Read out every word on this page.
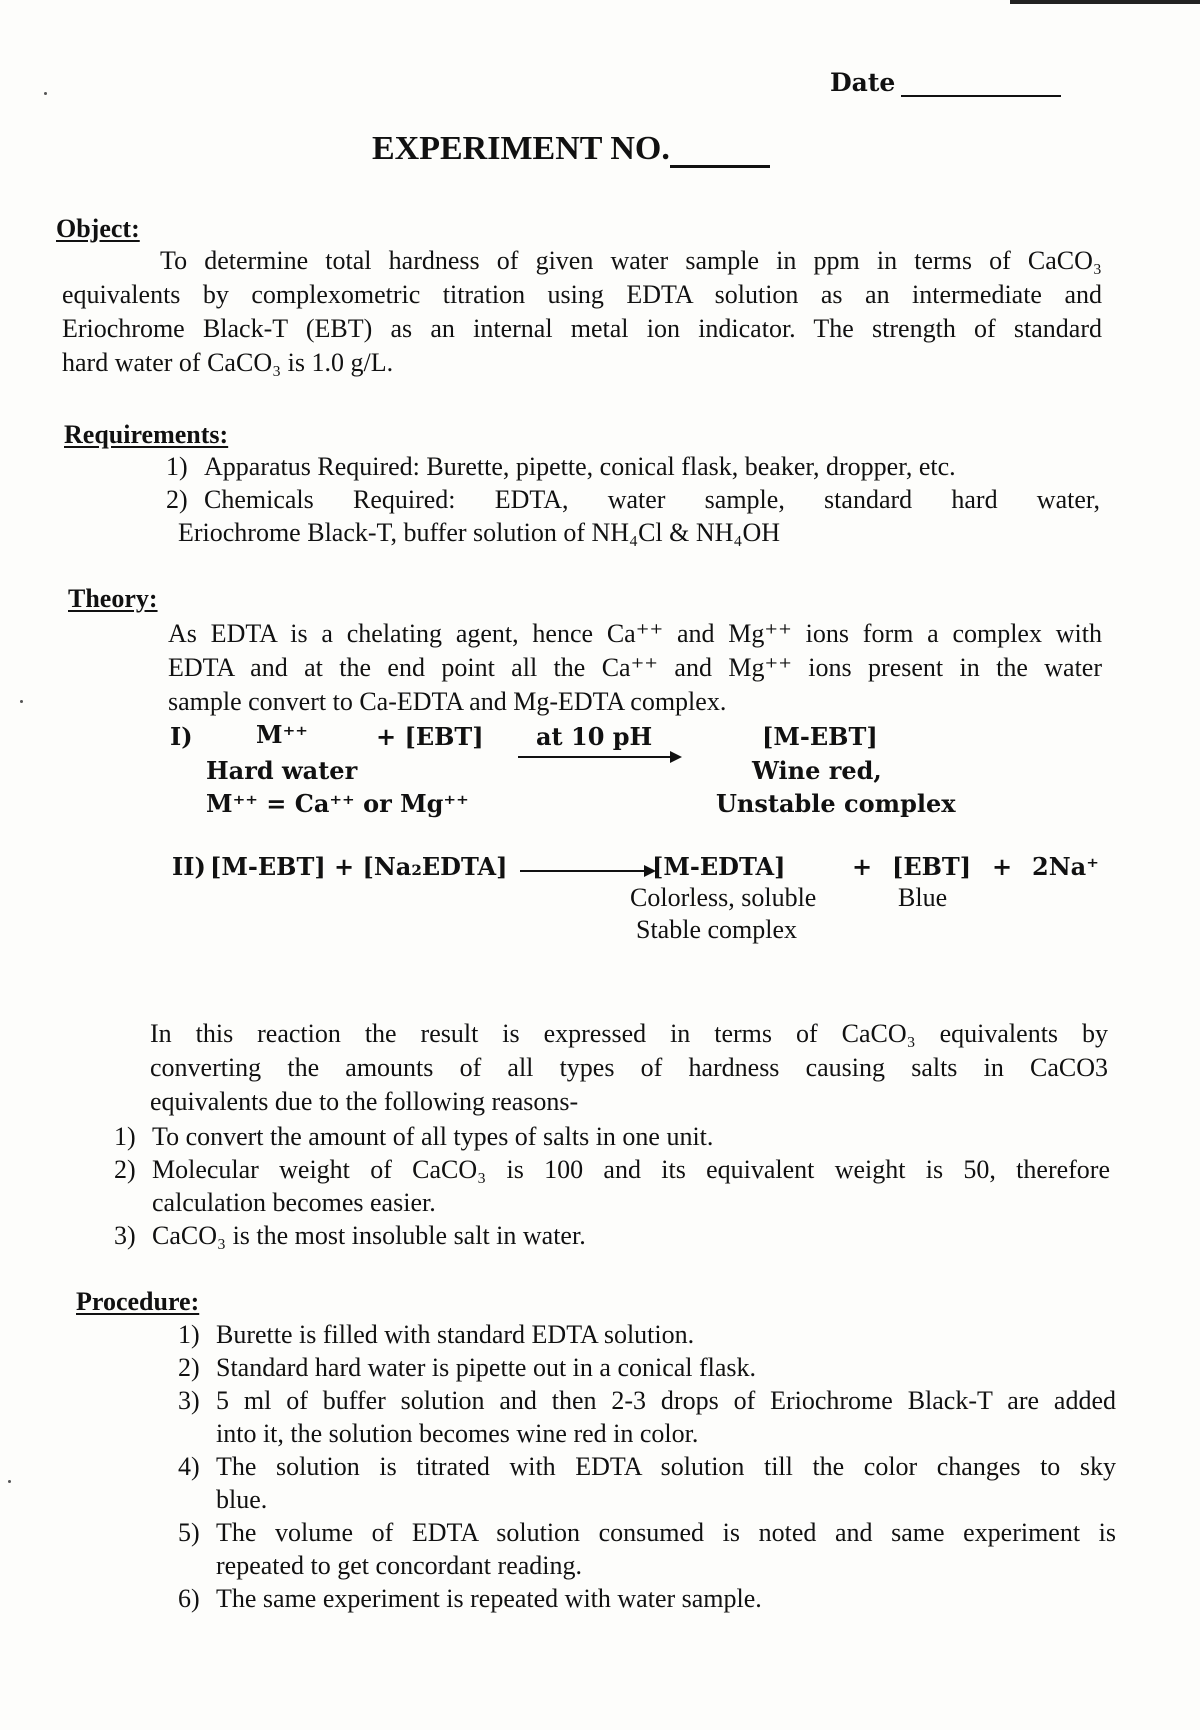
Date
EXPERIMENT NO.
Object:
To determine total hardness of given water sample in ppm in terms of CaCO₃
equivalents by complexometric titration using EDTA solution as an intermediate and
Eriochrome Black-T (EBT) as an internal metal ion indicator. The strength of standard
hard water of CaCO₃ is 1.0 g/L.
Requirements:
1) Apparatus Required: Burette, pipette, conical flask, beaker, dropper, etc.
2) Chemicals Required: EDTA, water sample, standard hard water,
Eriochrome Black-T, buffer solution of NH₄Cl & NH₄OH
Theory:
As EDTA is a chelating agent, hence Ca⁺⁺ and Mg⁺⁺ ions form a complex with
EDTA and at the end point all the Ca⁺⁺ and Mg⁺⁺ ions present in the water
sample convert to Ca-EDTA and Mg-EDTA complex.
I)	M⁺⁺	+ [EBT] at 10 pH	[M-EBT]
Hard water
M⁺⁺ = Ca⁺⁺ or Mg⁺⁺
Wine red,
Unstable complex
II) [M-EBT] + [Na₂EDTA]	[M-EDTA]	+ [EBT] + 2Na⁺
Colorless, soluble
Stable complex
Blue
In this reaction the result is expressed in terms of CaCO₃ equivalents by
converting the amounts of all types of hardness causing salts in CaCO3
equivalents due to the following reasons-
1) To convert the amount of all types of salts in one unit.
2) Molecular weight of CaCO₃ is 100 and its equivalent weight is 50, therefore
calculation becomes easier.
3) CaCO₃ is the most insoluble salt in water.
Procedure:
1) Burette is filled with standard EDTA solution.
2) Standard hard water is pipette out in a conical flask.
3) 5 ml of buffer solution and then 2-3 drops of Eriochrome Black-T are added
into it, the solution becomes wine red in color.
4) The solution is titrated with EDTA solution till the color changes to sky
blue.
5) The volume of EDTA solution consumed is noted and same experiment is
repeated to get concordant reading.
6) The same experiment is repeated with water sample.
